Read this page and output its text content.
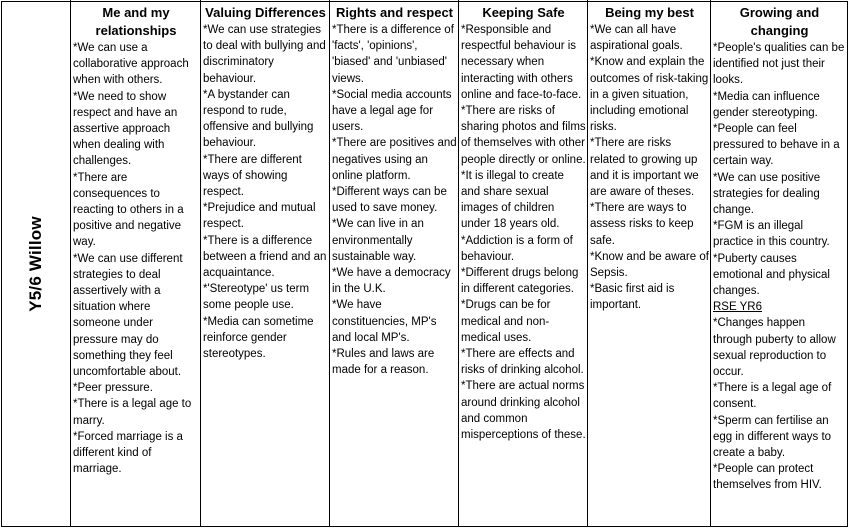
Y5/6 Willow
Me and my relationships

*We can use a collaborative approach when with others.

*We need to show respect and have an assertive approach when dealing with challenges.

*There are consequences to reacting to others in a positive and negative way.

*We can use different strategies to deal assertively with a situation where someone under pressure may do something they feel uncomfortable about.

*Peer pressure.

*There is a legal age to marry.

*Forced marriage is a different kind of marriage.

Valuing Differences

*We can use strategies to deal with bullying and discriminatory behaviour.

*A bystander can respond to rude, offensive and bullying behaviour.

*There are different ways of showing respect.

*Prejudice and mutual respect.

*There is a difference between a friend and an acquaintance.

*'Stereotype' us term some people use.

*Media can sometime reinforce gender stereotypes.

Rights and respect

*There is a difference of 'facts', 'opinions', 'biased' and 'unbiased' views.

*Social media accounts have a legal age for users.

*There are positives and negatives using an online platform.

*Different ways can be used to save money.

*We can live in an environmentally sustainable way.

*We have a democracy in the U.K.

*We have constituencies, MP's and local MP's.

*Rules and laws are made for a reason.

Keeping Safe

*Responsible and respectful behaviour is necessary when interacting with others online and face-to-face.

*There are risks of sharing photos and films of themselves with other people directly or online.

*It is illegal to create and share sexual images of children under 18 years old.

*Addiction is a form of behaviour.

*Different drugs belong in different categories.

*Drugs can be for medical and non-medical uses.

*There are effects and risks of drinking alcohol.

*There are actual norms around drinking alcohol and common misperceptions of these.

Being my best

*We can all have aspirational goals.

*Know and explain the outcomes of risk-taking in a given situation, including emotional risks.

*There are risks related to growing up and it is important we are aware of theses.

*There are ways to assess risks to keep safe.

*Know and be aware of Sepsis.

*Basic first aid is important.

Growing and changing

*People's qualities can be identified not just their looks.

*Media can influence gender stereotyping.

*People can feel pressured to behave in a certain way.

*We can use positive strategies for dealing change.

*FGM is an illegal practice in this country.

*Puberty causes emotional and physical changes.

RSE YR6

*Changes happen through puberty to allow sexual reproduction to occur.

*There is a legal age of consent.

*Sperm can fertilise an egg in different ways to create a baby.

*People can protect themselves from HIV.
